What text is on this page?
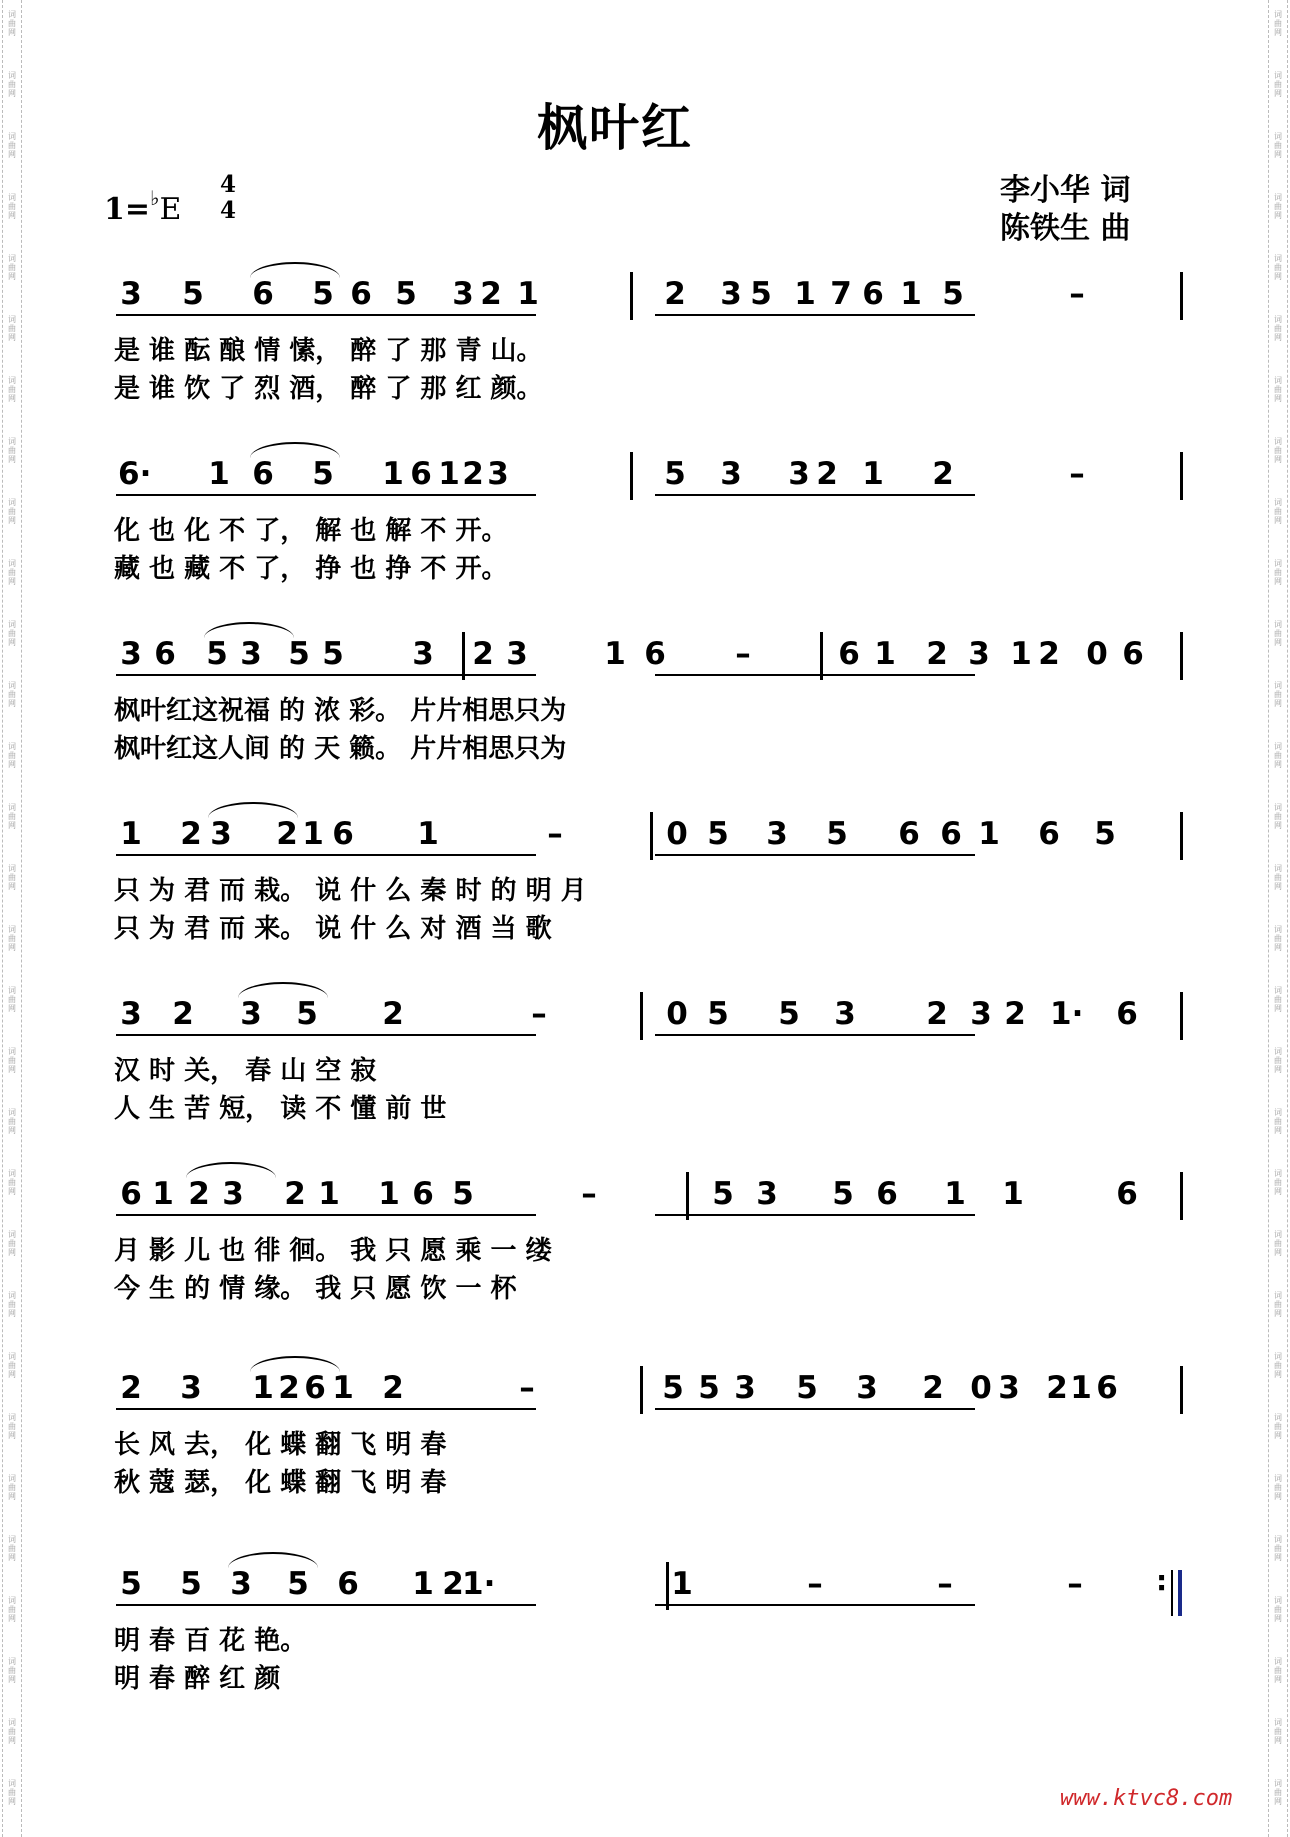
词曲网
词曲网
词曲网
词曲网
词曲网
词曲网
词曲网
词曲网
词曲网
词曲网
词曲网
词曲网
词曲网
词曲网
词曲网
词曲网
词曲网
词曲网
词曲网
词曲网
词曲网
词曲网
词曲网
词曲网
词曲网
词曲网
词曲网
词曲网
词曲网
词曲网
词曲网
词曲网
词曲网
词曲网
词曲网
词曲网
词曲网
词曲网
词曲网
词曲网
词曲网
词曲网
词曲网
词曲网
词曲网
词曲网
词曲网
词曲网
词曲网
词曲网
词曲网
词曲网
词曲网
词曲网
词曲网
词曲网
词曲网
词曲网
词曲网
词曲网
枫叶红
1=♭E
4
4
李小华 词
陈铁生 曲
3 5 6 5 6 5 3 2 1	2 3 5 1 7 6 1 5	–
是 谁 酝 酿 情 愫， 醉 了 那 青 山。
是 谁 饮 了 烈 酒， 醉 了 那 红 颜。
6· 1 6 5 1 6 1 2 3	5 3 3 2 1 2	–
化 也 化 不 了， 解 也 解 不 开。
藏 也 藏 不 了， 挣 也 挣 不 开。
3 6 5 3 5 5 3 2 3 1 6 –	6 1 2 3 1 2 0 6
枫叶红这祝福 的 浓 彩。 片片相思只为
枫叶红这人间 的 天 籁。 片片相思只为
1 2 3 2 1 6 1	–	0 5 3 5 6 6 1 6 5
只 为 君 而 栽。 说 什 么 秦 时 的 明 月
只 为 君 而 来。 说 什 么 对 酒 当 歌
3 2 3 5 2	–	0 5 5 3 2 3 2 1· 6
汉 时 关， 春 山 空 寂
人 生 苦 短， 读 不 懂 前 世
6 1 2 3 2 1 1 6 5	–	5 3 5 6 1 1	6
月 影 儿 也 徘 徊。 我 只 愿 乘 一 缕
今 生 的 情 缘。 我 只 愿 饮 一 杯
2 3 1 2 6 1 2	–	5 5 3 5 3 2 0 3 2 1 6
长 风 去， 化 蝶 翻 飞 明 春
秋 蔻 瑟， 化 蝶 翻 飞 明 春
5 5 3 5 6 1 2
1·	1	–	–	–
明 春 百 花 艳。
明 春 醉 红 颜
:
www.ktvc8.com
